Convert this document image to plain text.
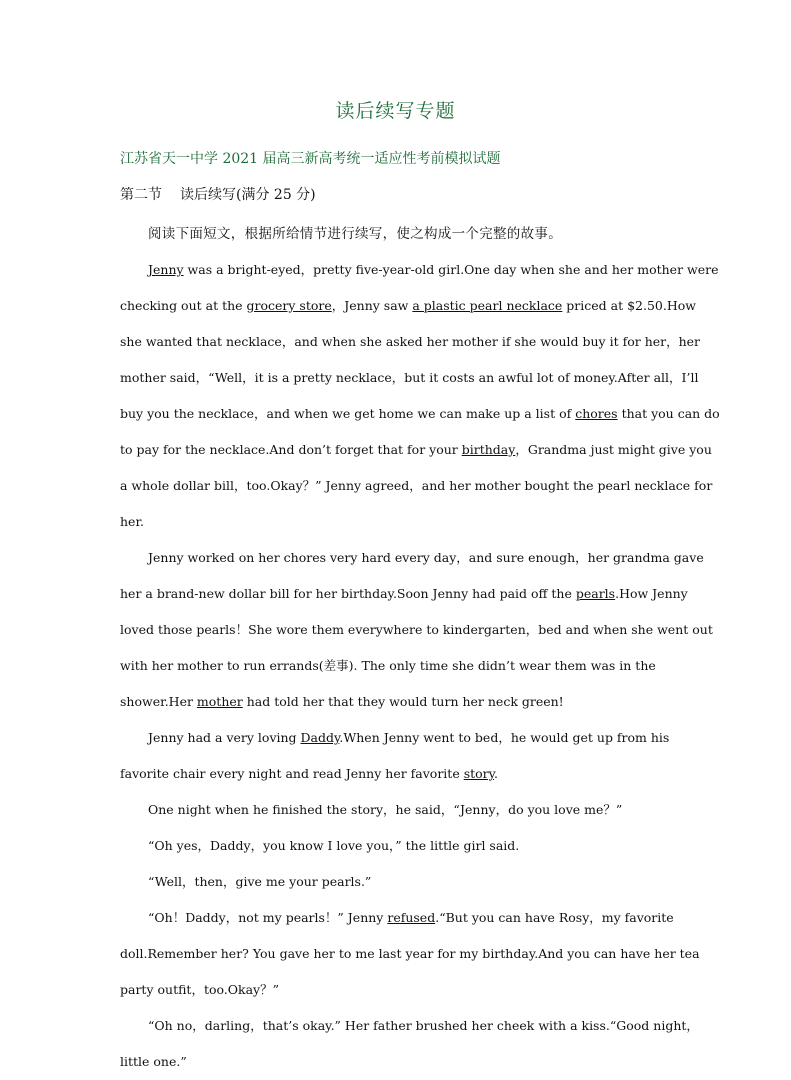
读后续写专题
江苏省天一中学 2021 届高三新高考统一适应性考前模拟试题
第二节 读后续写(满分 25 分)

阅读下面短文，根据所给情节进行续写，使之构成一个完整的故事。

Jenny was a bright-eyed，pretty five-year-old girl.One day when she and her mother were checking out at the grocery store，Jenny saw a plastic pearl necklace priced at $2.50.How she wanted that necklace，and when she asked her mother if she would buy it for her，her mother said，“Well，it is a pretty necklace，but it costs an awful lot of money.After all，I’ll buy you the necklace，and when we get home we can make up a list of chores that you can do to pay for the necklace.And don’t forget that for your birthday，Grandma just might give you a whole dollar bill，too.Okay？” Jenny agreed，and her mother bought the pearl necklace for her.

Jenny worked on her chores very hard every day，and sure enough，her grandma gave her a brand-new dollar bill for her birthday.Soon Jenny had paid off the pearls.How Jenny loved those pearls！She wore them everywhere to kindergarten，bed and when she went out with her mother to run errands(差事). The only time she didn’t wear them was in the shower.Her mother had told her that they would turn her neck green!

Jenny had a very loving Daddy.When Jenny went to bed，he would get up from his favorite chair every night and read Jenny her favorite story.

One night when he finished the story，he said，“Jenny，do you love me？”

“Oh yes，Daddy，you know I love you，” the little girl said.

“Well，then，give me your pearls.”

“Oh！Daddy，not my pearls！” Jenny refused.“But you can have Rosy，my favorite doll.Remember her? You gave her to me last year for my birthday.And you can have her tea party outfit，too.Okay？”

“Oh no，darling，that’s okay.” Her father brushed her cheek with a kiss.“Good night，little one.”
